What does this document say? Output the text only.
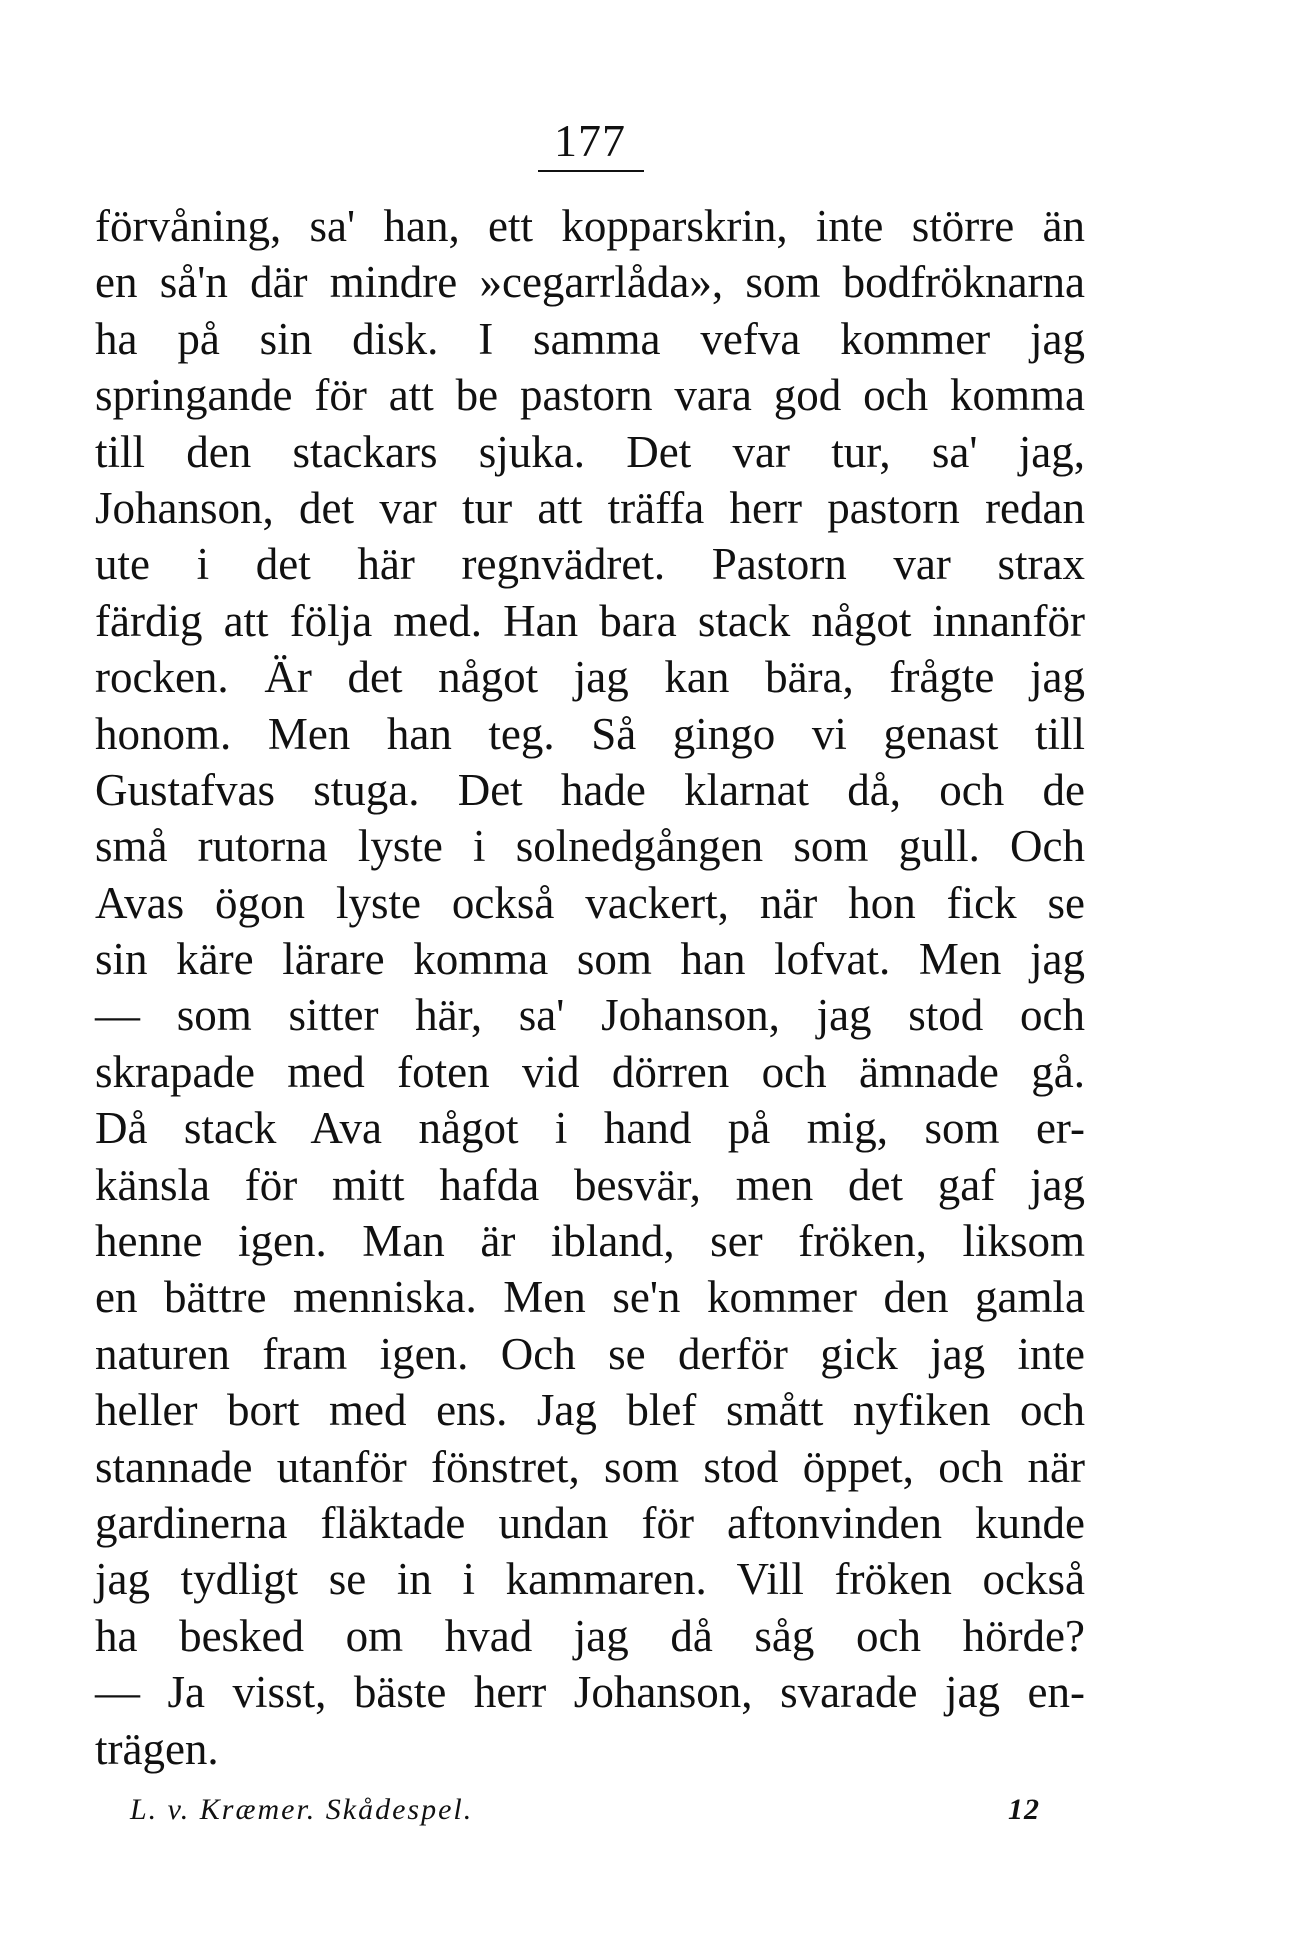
177
förvåning, sa' han, ett kopparskrin, inte större än
en så'n där mindre »cegarrlåda», som bodfröknarna
ha på sin disk. I samma vefva kommer jag
springande för att be pastorn vara god och komma
till den stackars sjuka. Det var tur, sa' jag,
Johanson, det var tur att träffa herr pastorn redan
ute i det här regnvädret. Pastorn var strax
färdig att följa med. Han bara stack något innanför
rocken. Är det något jag kan bära, frågte jag
honom. Men han teg. Så gingo vi genast till
Gustafvas stuga. Det hade klarnat då, och de
små rutorna lyste i solnedgången som gull. Och
Avas ögon lyste också vackert, när hon fick se
sin käre lärare komma som han lofvat. Men jag
— som sitter här, sa' Johanson, jag stod och
skrapade med foten vid dörren och ämnade gå.
Då stack Ava något i hand på mig, som er-
känsla för mitt hafda besvär, men det gaf jag
henne igen. Man är ibland, ser fröken, liksom
en bättre menniska. Men se'n kommer den gamla
naturen fram igen. Och se derför gick jag inte
heller bort med ens. Jag blef smått nyfiken och
stannade utanför fönstret, som stod öppet, och när
gardinerna fläktade undan för aftonvinden kunde
jag tydligt se in i kammaren. Vill fröken också
ha besked om hvad jag då såg och hörde?
— Ja visst, bäste herr Johanson, svarade jag en-
trägen.
L. v. Kræmer. Skådespel.	12
